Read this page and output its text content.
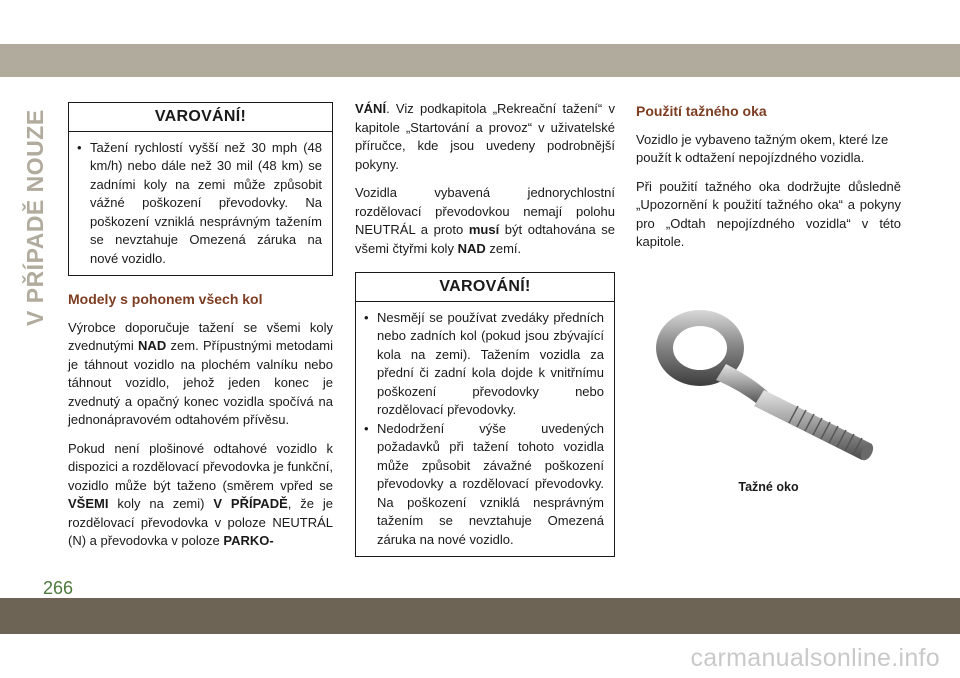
V PŘÍPADĚ NOUZE	VAROVÁNÍ!
• Tažení rychlostí vyšší než 30 mph (48 km/h) nebo dále než 30 mil (48 km) se zadními koly na zemi může způsobit vážné poškození převodovky. Na poškození vzniklá nesprávným tažením se nevztahuje Omezená záruka na nové vozidlo.
Modely s pohonem všech kol

Výrobce doporučuje tažení se všemi koly zvednutými NAD zem. Přípustnými metodami je táhnout vozidlo na plochém valníku nebo táhnout vozidlo, jehož jeden konec je zvednutý a opačný konec vozidla spočívá na jednonápravovém odtahovém přívěsu.

Pokud není plošinové odtahové vozidlo k dispozici a rozdělovací převodovka je funkční, vozidlo může být taženo (směrem vpřed se VŠEMI koly na zemi) V PŘÍPADĚ, že je rozdělovací převodovka v poloze NEUTRÁL (N) a převodovka v poloze PARKO-

VÁNÍ. Viz podkapitola „Rekreační tažení“ v kapitole „Startování a provoz“ v uživatelské příručce, kde jsou uvedeny podrobnější pokyny.

Vozidla vybavená jednorychlostní rozdělovací převodovkou nemají polohu NEUTRÁL a proto musí být odtahována se všemi čtyřmi koly NAD zemí.

VAROVÁNÍ!
• Nesmějí se používat zvedáky předních nebo zadních kol (pokud jsou zbývající kola na zemi). Tažením vozidla za přední či zadní kola dojde k vnitřnímu poškození převodovky nebo rozdělovací převodovky.
• Nedodržení výše uvedených požadavků při tažení tohoto vozidla může způsobit závažné poškození převodovky a rozdělovací převodovky. Na poškození vzniklá nesprávným tažením se nevztahuje Omezená záruka na nové vozidlo.
Použití tažného oka

Vozidlo je vybaveno tažným okem, které lze použít k odtažení nepojízdného vozidla.

Při použití tažného oka dodržujte důsledně „Upozornění k použití tažného oka“ a pokyny pro „Odtah nepojízdného vozidla“ v této kapitole.

Tažné oko
266
carmanualsonline.info
